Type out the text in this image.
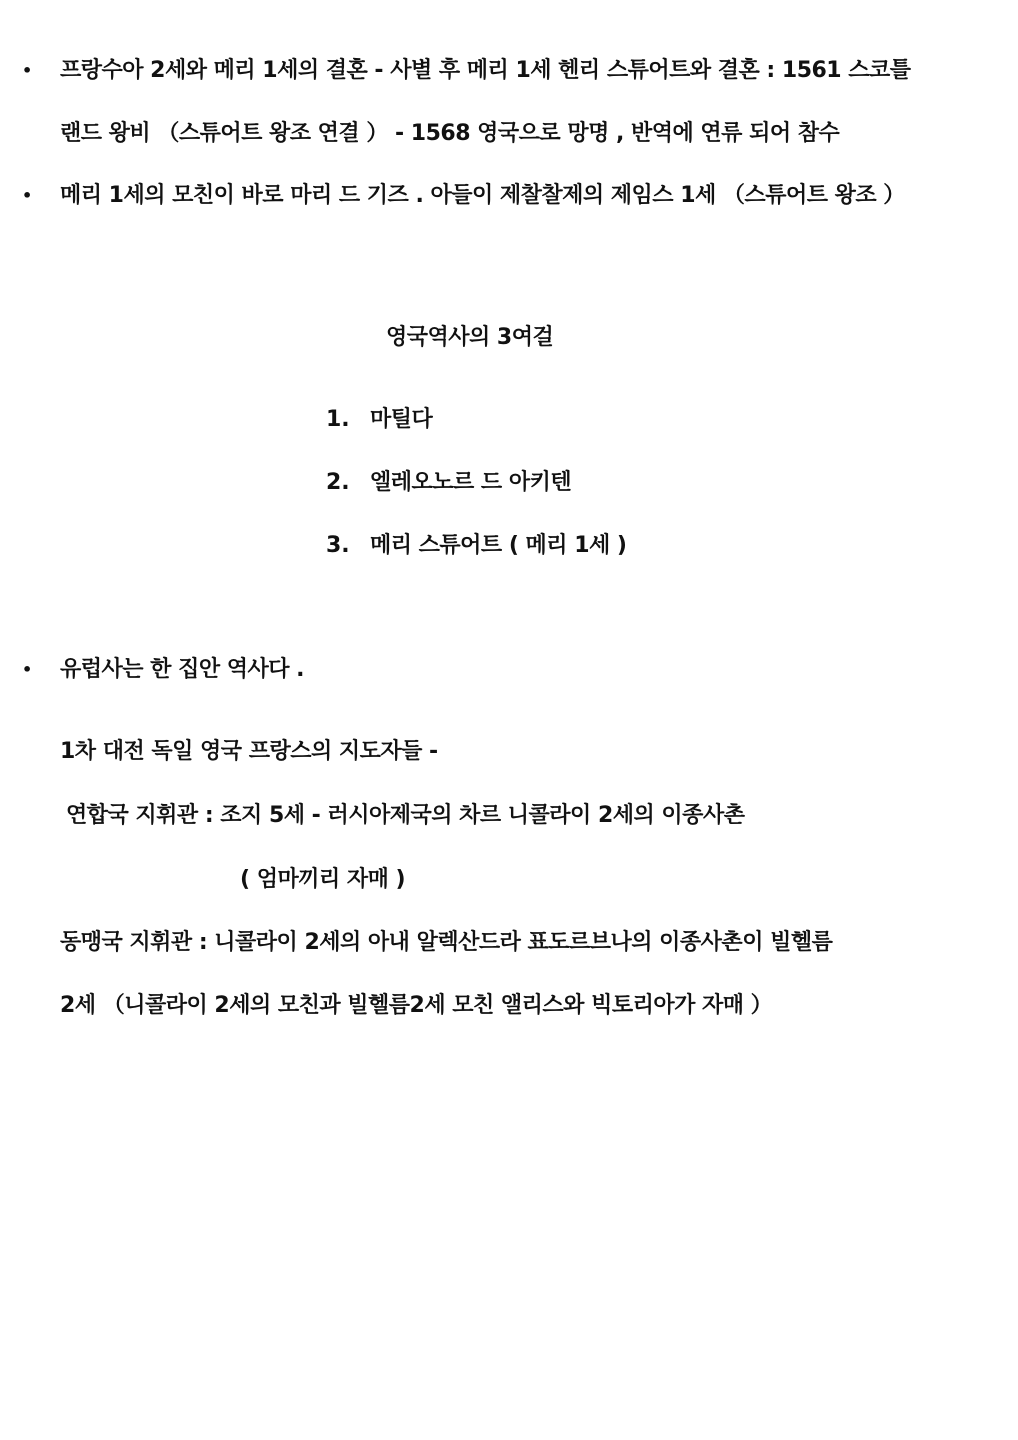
• 프랑수아 2세와 메리 1세의 결혼 - 사별 후 메리 1세 헨리 스튜어트와 결혼 : 1561 스코틀
랜드 왕비 （스튜어트 왕조 연결 ） - 1568 영국으로 망명 , 반역에 연류 되어 참수
• 메리 1세의 모친이 바로 마리 드 기즈 . 아들이 제찰찰제의 제임스 1세 （스튜어트 왕조 ）
영국역사의 3여걸
1. 마틸다
2. 엘레오노르 드 아키텐
3. 메리 스튜어트 ( 메리 1세 )
• 유럽사는 한 집안 역사다 .
1차 대전 독일 영국 프랑스의 지도자들 -
연합국 지휘관 : 조지 5세 - 러시아제국의 차르 니콜라이 2세의 이종사촌
( 엄마끼리 자매 )
동맹국 지휘관 : 니콜라이 2세의 아내 알렉산드라 표도르브나의 이종사촌이 빌헬름
2세 （니콜라이 2세의 모친과 빌헬름2세 모친 앨리스와 빅토리아가 자매 ）
